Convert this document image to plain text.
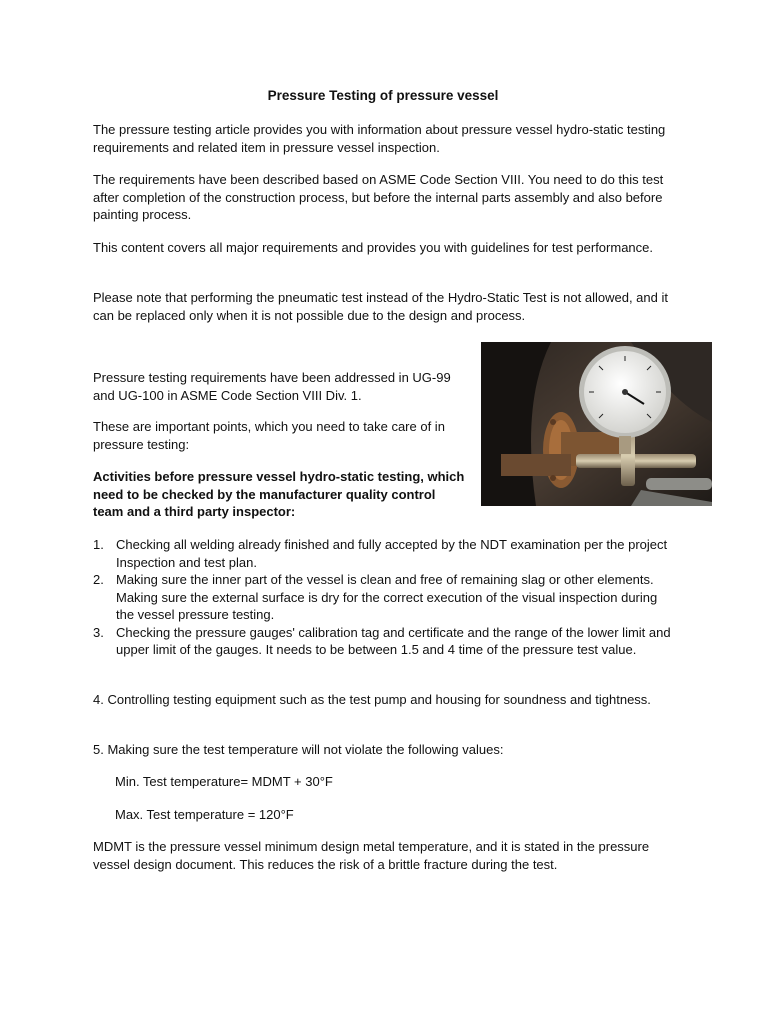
Pressure Testing of pressure vessel

The pressure testing article provides you with information about pressure vessel hydro-static testing requirements and related item in pressure vessel inspection.

The requirements have been described based on ASME Code Section VIII. You need to do this test after completion of the construction process, but before the internal parts assembly and also before painting process.

This content covers all major requirements and provides you with guidelines for test performance.

Please note that performing the pneumatic test instead of the Hydro-Static Test is not allowed, and it can be replaced only when it is not possible due to the design and process.

Pressure testing requirements have been addressed in UG-99 and UG-100 in ASME Code Section VIII Div. 1.

These are important points, which you need to take care of in pressure testing:

Activities before pressure vessel hydro-static testing, which need to be checked by the manufacturer quality control team and a third party inspector:

1. Checking all welding already finished and fully accepted by the NDT examination per the project Inspection and test plan.
2. Making sure the inner part of the vessel is clean and free of remaining slag or other elements. Making sure the external surface is dry for the correct execution of the visual inspection during the vessel pressure testing.
3. Checking the pressure gauges' calibration tag and certificate and the range of the lower limit and upper limit of the gauges. It needs to be between 1.5 and 4 time of the pressure test value.

4. Controlling testing equipment such as the test pump and housing for soundness and tightness.

5. Making sure the test temperature will not violate the following values:

Min. Test temperature= MDMT + 30°F

Max. Test temperature = 120°F

MDMT is the pressure vessel minimum design metal temperature, and it is stated in the pressure vessel design document. This reduces the risk of a brittle fracture during the test.
